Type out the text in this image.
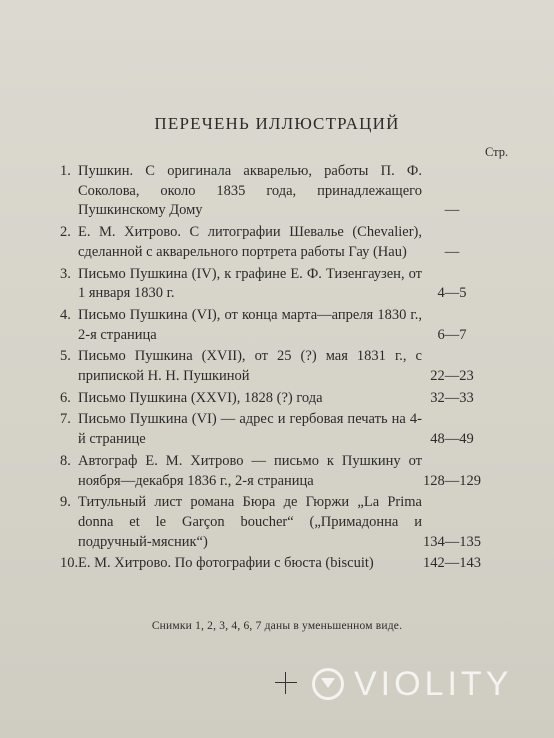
ПЕРЕЧЕНЬ ИЛЛЮСТРАЦИЙ
Стр.
1. Пушкин. С оригинала акварелью, работы П. Ф. Соколова, около 1835 года, принадлежащего Пушкинскому Дому	—
2. Е. М. Хитрово. С литографии Шевалье (Chevalier), сделанной с акварельного портрета работы Гау (Hau)	—
3. Письмо Пушкина (IV), к графине Е. Ф. Тизенгаузен, от 1 января 1830 г.	4—5
4. Письмо Пушкина (VI), от конца марта—апреля 1830 г., 2-я страница	6—7
5. Письмо Пушкина (XVII), от 25 (?) мая 1831 г., с припиской Н. Н. Пушкиной	22—23
6. Письмо Пушкина (XXVI), 1828 (?) года	32—33
7. Письмо Пушкина (VI) — адрес и гербовая печать на 4-й странице	48—49
8. Автограф Е. М. Хитрово — письмо к Пушкину от ноября—декабря 1836 г., 2-я страница	128—129
9. Титульный лист романа Бюра де Гюржи „La Prima donna et le Garçon boucher“ („Примадонна и подручный-мясник“)	134—135
10. Е. М. Хитрово. По фотографии с бюста (biscuit)	142—143
Снимки 1, 2, 3, 4, 6, 7 даны в уменьшенном виде.
VIOLITY
